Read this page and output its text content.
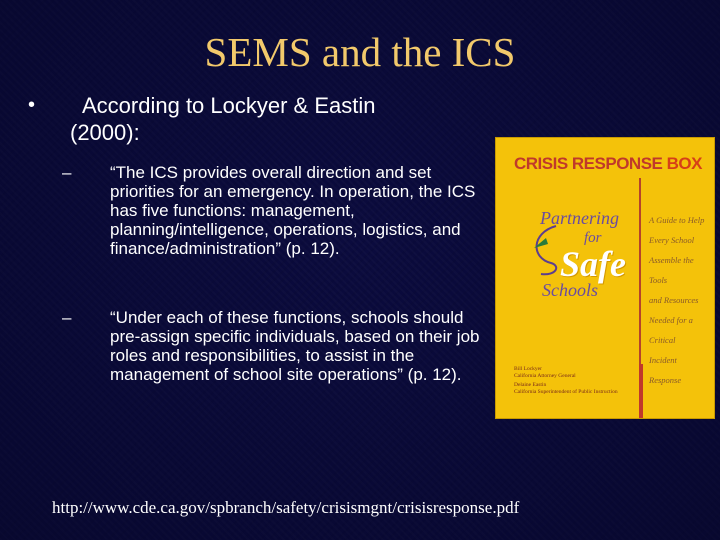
SEMS and the ICS
•	According to Lockyer & Eastin (2000):
– “The ICS provides overall direction and set priorities for an emergency. In operation, the ICS has five functions: management, planning/intelligence, operations, logistics, and finance/administration” (p. 12).
– “Under each of these functions, schools should pre-assign specific individuals, based on their job roles and responsibilities, to assist in the management of school site operations” (p. 12).
CRISIS RESPONSE BOX
Partnering
for
Safe
Schools
A Guide to Help
Every School
Assemble the Tools
and Resources
Needed for a Critical
Incident Response
Bill Lockyer
California Attorney General
Delaine Eastin
California Superintendent of Public Instruction
http://www.cde.ca.gov/spbranch/safety/crisismgnt/crisisresponse.pdf
